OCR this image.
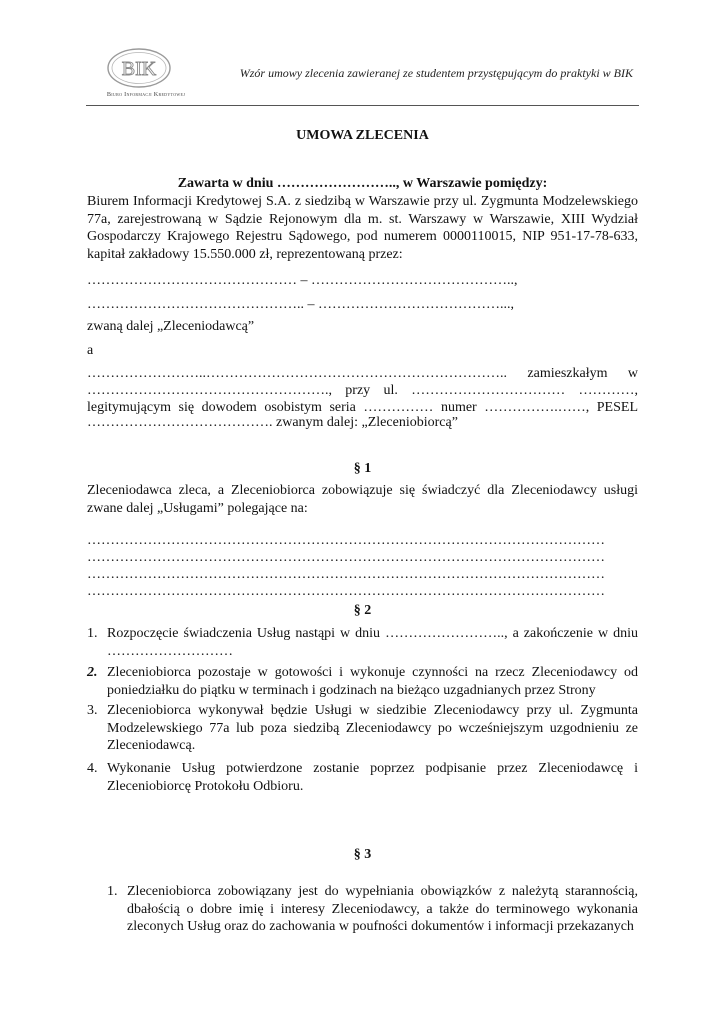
BIK
Biuro Informacji Kredytowej
Wzór umowy zlecenia zawieranej ze studentem przystępującym do praktyki w BIK
UMOWA ZLECENIA
Zawarta w dniu …………………….., w Warszawie pomiędzy:
Biurem Informacji Kredytowej S.A. z siedzibą w Warszawie przy ul. Zygmunta Modzelewskiego 77a, zarejestrowaną w Sądzie Rejonowym dla m. st. Warszawy w Warszawie, XIII Wydział Gospodarczy Krajowego Rejestru Sądowego, pod numerem 0000110015, NIP 951-17-78-633, kapitał zakładowy 15.550.000 zł, reprezentowaną przez:
……………………………………… – ……………………………………..,
……………………………………….. – …………………………………...,
zwaną dalej „Zleceniodawcą”
a
……………………..……………………………………………………….. zamieszkałym w
……………………………………………., przy ul. …………………………… …………,
legitymującym się dowodem osobistym seria …………… numer …………….……, PESEL
…………………………………. zwanym dalej: „Zleceniobiorcą”
§ 1
Zleceniodawca zleca, a Zleceniobiorca zobowiązuje się świadczyć dla Zleceniodawcy usługi zwane dalej „Usługami” polegające na:
…………………………………………………………………………………………………
…………………………………………………………………………………………………
…………………………………………………………………………………………………
…………………………………………………………………………………………………
§ 2
1. Rozpoczęcie świadczenia Usług nastąpi w dniu …………………….., a zakończenie w dniu ………………………
2. Zleceniobiorca pozostaje w gotowości i wykonuje czynności na rzecz Zleceniodawcy od poniedziałku do piątku w terminach i godzinach na bieżąco uzgadnianych przez Strony
3. Zleceniobiorca wykonywał będzie Usługi w siedzibie Zleceniodawcy przy ul. Zygmunta Modzelewskiego 77a lub poza siedzibą Zleceniodawcy po wcześniejszym uzgodnieniu ze Zleceniodawcą.
4. Wykonanie Usług potwierdzone zostanie poprzez podpisanie przez Zleceniodawcę i Zleceniobiorcę Protokołu Odbioru.
§ 3
1. Zleceniobiorca zobowiązany jest do wypełniania obowiązków z należytą starannością, dbałością o dobre imię i interesy Zleceniodawcy, a także do terminowego wykonania zleconych Usług oraz do zachowania w poufności dokumentów i informacji przekazanych
